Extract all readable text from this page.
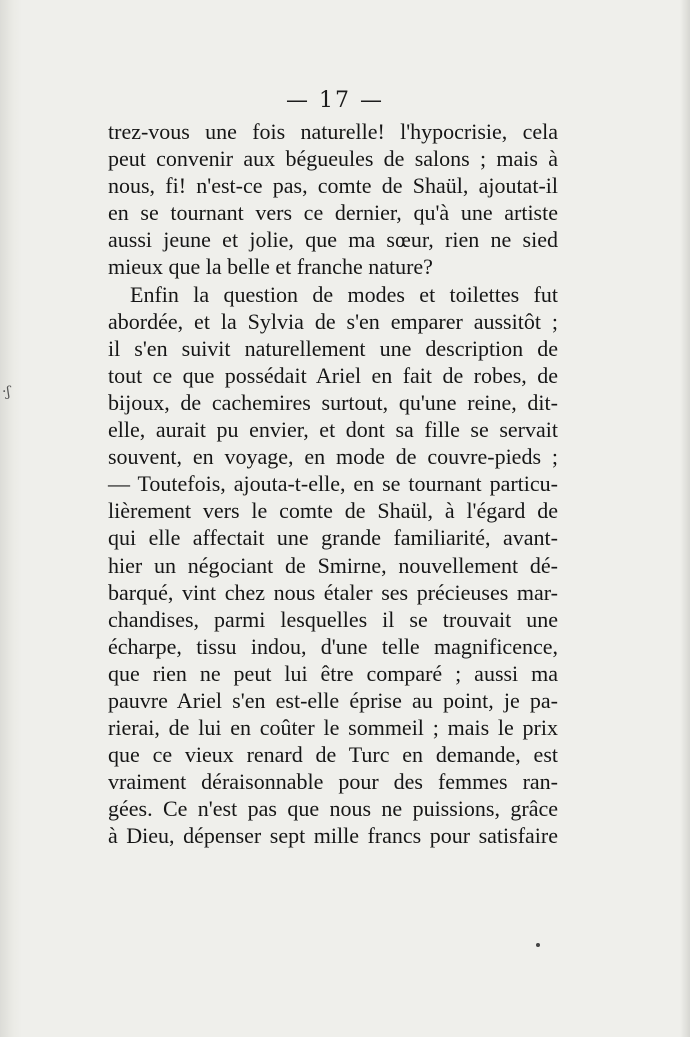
— 17 —
·ʃ
trez-vous une fois naturelle! l'hypocrisie, cela
peut convenir aux bégueules de salons ; mais à
nous, fi! n'est-ce pas, comte de Shaül, ajoutat-il
en se tournant vers ce dernier, qu'à une artiste
aussi jeune et jolie, que ma sœur, rien ne sied
mieux que la belle et franche nature?
Enfin la question de modes et toilettes fut
abordée, et la Sylvia de s'en emparer aussitôt ;
il s'en suivit naturellement une description de
tout ce que possédait Ariel en fait de robes, de
bijoux, de cachemires surtout, qu'une reine, dit-
elle, aurait pu envier, et dont sa fille se servait
souvent, en voyage, en mode de couvre-pieds ;
— Toutefois, ajouta-t-elle, en se tournant particu-
lièrement vers le comte de Shaül, à l'égard de
qui elle affectait une grande familiarité, avant-
hier un négociant de Smirne, nouvellement dé-
barqué, vint chez nous étaler ses précieuses mar-
chandises, parmi lesquelles il se trouvait une
écharpe, tissu indou, d'une telle magnificence,
que rien ne peut lui être comparé ; aussi ma
pauvre Ariel s'en est-elle éprise au point, je pa-
rierai, de lui en coûter le sommeil ; mais le prix
que ce vieux renard de Turc en demande, est
vraiment déraisonnable pour des femmes ran-
gées. Ce n'est pas que nous ne puissions, grâce
à Dieu, dépenser sept mille francs pour satisfaire
